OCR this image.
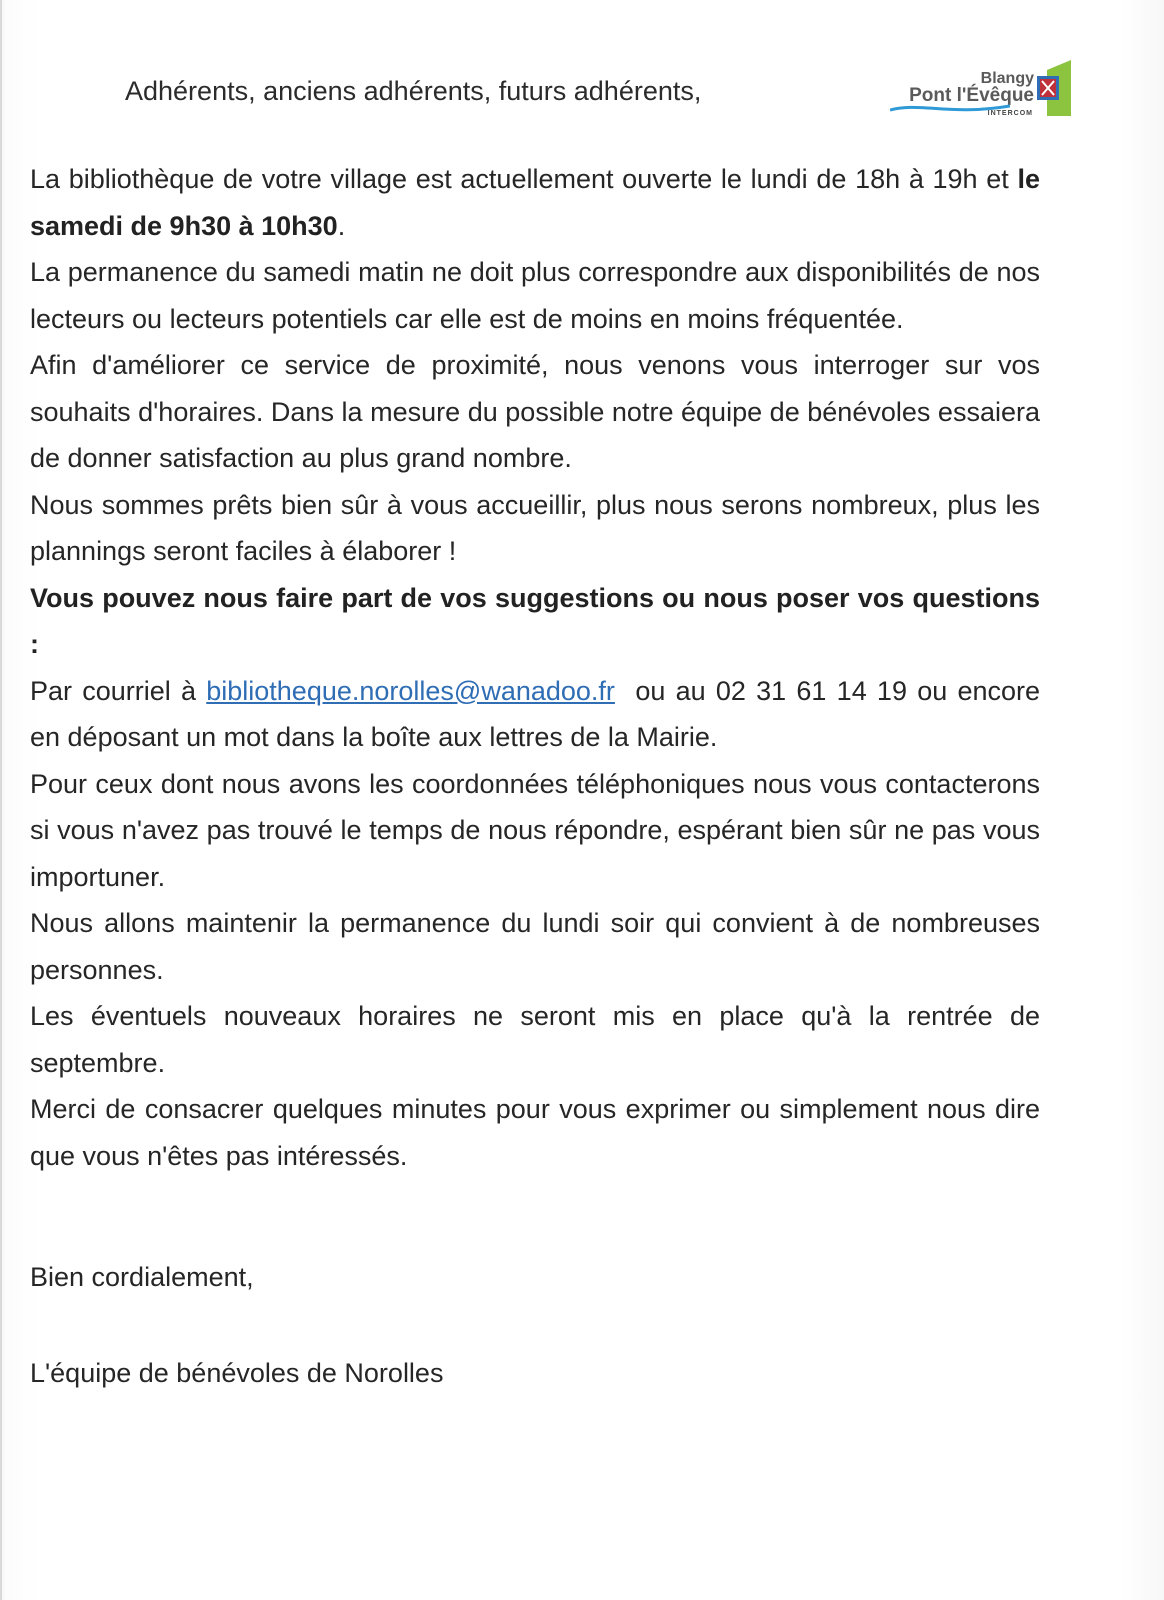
Adhérents, anciens adhérents, futurs adhérents,	Blangy
Pont l'Évêque
INTERCOM

La bibliothèque de votre village est actuellement ouverte le lundi de 18h à 19h et le samedi de 9h30 à 10h30.

La permanence du samedi matin ne doit plus correspondre aux disponibilités de nos lecteurs ou lecteurs potentiels car elle est de moins en moins fréquentée.

Afin d'améliorer ce service de proximité, nous venons vous interroger sur vos souhaits d'horaires. Dans la mesure du possible notre équipe de bénévoles essaiera de donner satisfaction au plus grand nombre.

Nous sommes prêts bien sûr à vous accueillir, plus nous serons nombreux, plus les plannings seront faciles à élaborer !

Vous pouvez nous faire part de vos suggestions ou nous poser vos questions :

Par courriel à bibliotheque.norolles@wanadoo.fr  ou au 02 31 61 14 19 ou encore en déposant un mot dans la boîte aux lettres de la Mairie.

Pour ceux dont nous avons les coordonnées téléphoniques nous vous contacterons si vous n'avez pas trouvé le temps de nous répondre, espérant bien sûr ne pas vous importuner.

Nous allons maintenir la permanence du lundi soir qui convient à de nombreuses personnes.

Les éventuels nouveaux horaires ne seront mis en place qu'à la rentrée de septembre.

Merci de consacrer quelques minutes pour vous exprimer ou simplement nous dire que vous n'êtes pas intéressés.

Bien cordialement,
L'équipe de bénévoles de Norolles
